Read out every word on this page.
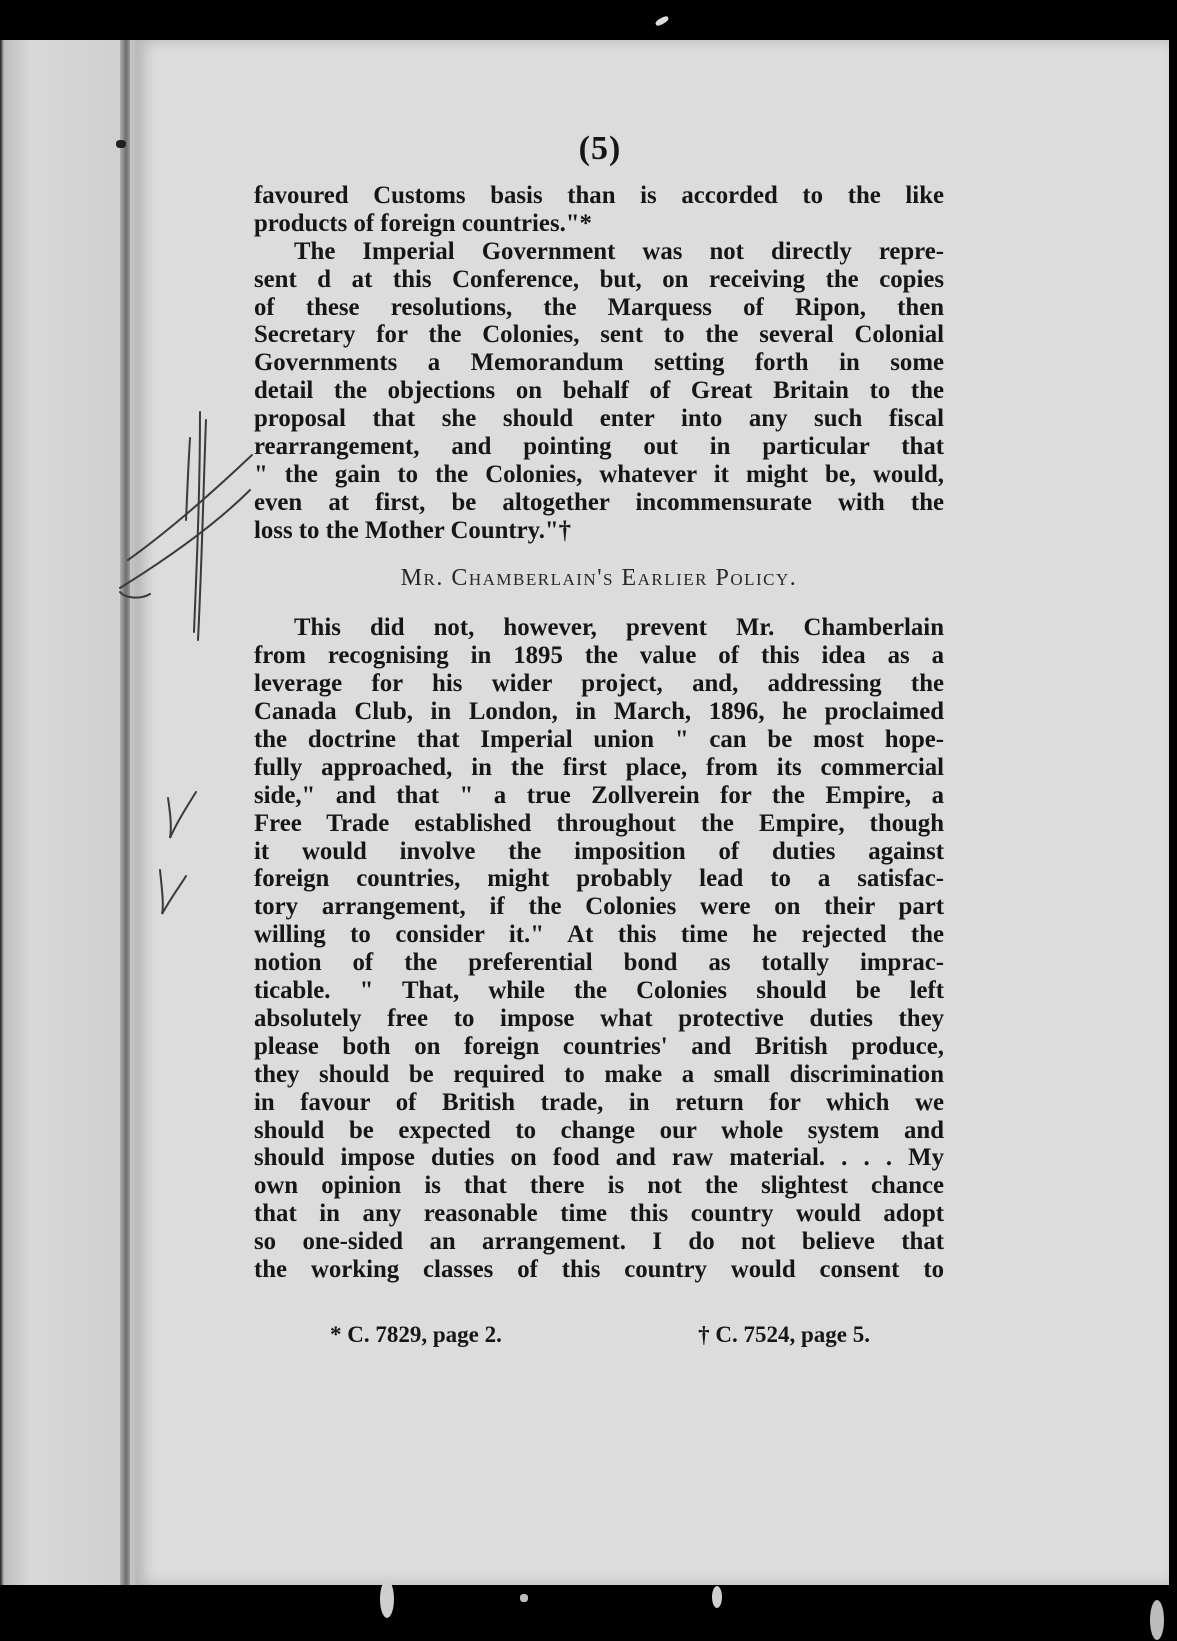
(5)
favoured Customs basis than is accorded to the like
products of foreign countries."*
The Imperial Government was not directly repre-
sent d at this Conference, but, on receiving the copies
of these resolutions, the Marquess of Ripon, then
Secretary for the Colonies, sent to the several Colonial
Governments a Memorandum setting forth in some
detail the objections on behalf of Great Britain to the
proposal that she should enter into any such fiscal
rearrangement, and pointing out in particular that
" the gain to the Colonies, whatever it might be, would,
even at first, be altogether incommensurate with the
loss to the Mother Country."†
Mr. Chamberlain's Earlier Policy.
This did not, however, prevent Mr. Chamberlain
from recognising in 1895 the value of this idea as a
leverage for his wider project, and, addressing the
Canada Club, in London, in March, 1896, he proclaimed
the doctrine that Imperial union " can be most hope-
fully approached, in the first place, from its commercial
side," and that " a true Zollverein for the Empire, a
Free Trade established throughout the Empire, though
it would involve the imposition of duties against
foreign countries, might probably lead to a satisfac-
tory arrangement, if the Colonies were on their part
willing to consider it." At this time he rejected the
notion of the preferential bond as totally imprac-
ticable. " That, while the Colonies should be left
absolutely free to impose what protective duties they
please both on foreign countries' and British produce,
they should be required to make a small discrimination
in favour of British trade, in return for which we
should be expected to change our whole system and
should impose duties on food and raw material. . . . My
own opinion is that there is not the slightest chance
that in any reasonable time this country would adopt
so one-sided an arrangement. I do not believe that
the working classes of this country would consent to
* C. 7829, page 2.	† C. 7524, page 5.
